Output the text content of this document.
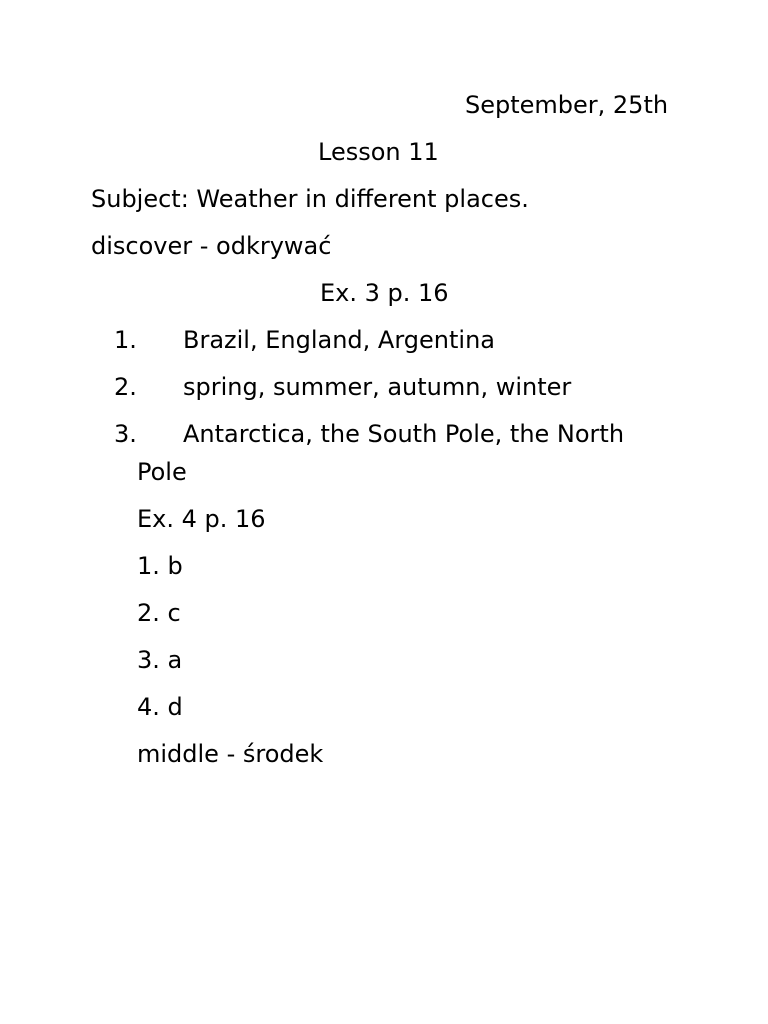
September, 25th
Lesson 11
Subject: Weather in different places.
discover - odkrywać
Ex. 3 p. 16
1. Brazil, England, Argentina
2. spring, summer, autumn, winter
3. Antarctica, the South Pole, the North
Pole
Ex. 4 p. 16
1. b
2. c
3. a
4. d
middle - środek
